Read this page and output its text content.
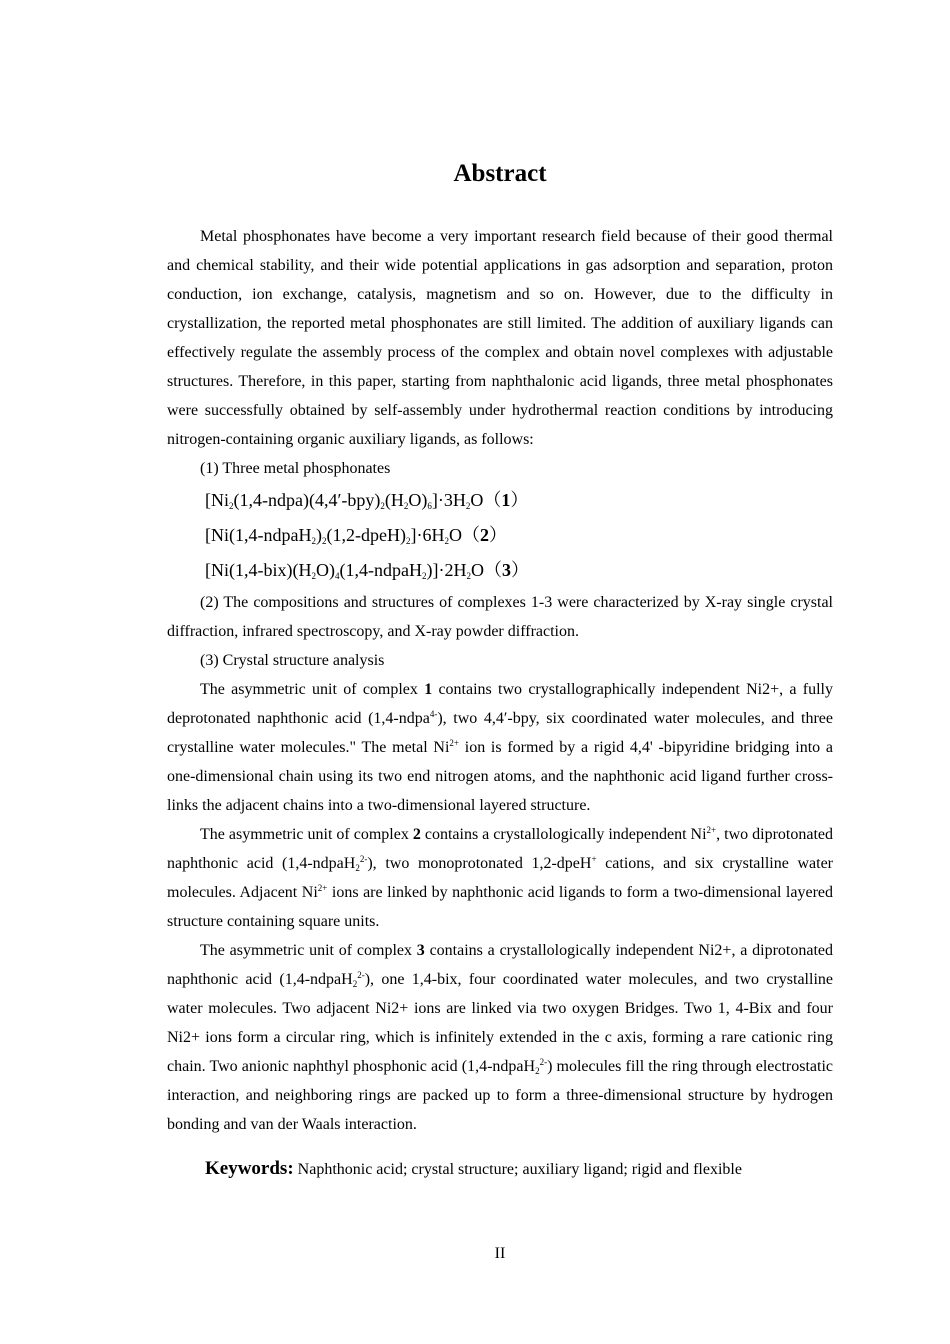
Abstract

Metal phosphonates have become a very important research field because of their good thermal and chemical stability, and their wide potential applications in gas adsorption and separation, proton conduction, ion exchange, catalysis, magnetism and so on. However, due to the difficulty in crystallization, the reported metal phosphonates are still limited. The addition of auxiliary ligands can effectively regulate the assembly process of the complex and obtain novel complexes with adjustable structures. Therefore, in this paper, starting from naphthalonic acid ligands, three metal phosphonates were successfully obtained by self-assembly under hydrothermal reaction conditions by introducing nitrogen-containing organic auxiliary ligands, as follows:

(1) Three metal phosphonates

$[Ni_2(1,4-ndpa)(4,4'-bpy)_2(H_2O)_6]\cdot 3H_2O(1)$

$[Ni(1,4-ndpaH_2)_2(1,2-dpeH)_2]\cdot 6H_2O(2)$

$[Ni(1,4-bix)(H_2O)_4(1,4-ndpaH_2)]\cdot 2H_2O(3)$

(2) The compositions and structures of complexes 1-3 were characterized by X-ray single crystal diffraction, infrared spectroscopy, and X-ray powder diffraction.

(3) Crystal structure analysis

The asymmetric unit of complex 1 contains two crystallographically independent Ni2+, a fully deprotonated naphthonic acid (1,4-ndpa$^{4-}$), two 4,4′-bpy, six coordinated water molecules, and three crystalline water molecules." The metal $Ni^{2+}$ ion is formed by a rigid 4,4' -bipyridine bridging into a one-dimensional chain using its two end nitrogen atoms, and the naphthonic acid ligand further cross-links the adjacent chains into a two-dimensional layered structure.

The asymmetric unit of complex 2 contains a crystallologically independent $Ni^{2+}$, two diprotonated naphthonic acid (1,4-ndpaH$_2^{2-}$), two monoprotonated 1,2-dpeH+ cations, and six crystalline water molecules. Adjacent $Ni^{2+}$ ions are linked by naphthonic acid ligands to form a two-dimensional layered structure containing square units.

The asymmetric unit of complex 3 contains a crystallologically independent Ni2+, a diprotonated naphthonic acid (1,4-ndpaH$_2^{2-}$), one 1,4-bix, four coordinated water molecules, and two crystalline water molecules. Two adjacent Ni2+ ions are linked via two oxygen Bridges. Two 1, 4-Bix and four Ni2+ ions form a circular ring, which is infinitely extended in the c axis, forming a rare cationic ring chain. Two anionic naphthyl phosphonic acid (1,4-ndpaH$_2^{2-}$) molecules fill the ring through electrostatic interaction, and neighboring rings are packed up to form a three-dimensional structure by hydrogen bonding and van der Waals interaction.

Keywords: Naphthonic acid; crystal structure; auxiliary ligand; rigid and flexible
II
